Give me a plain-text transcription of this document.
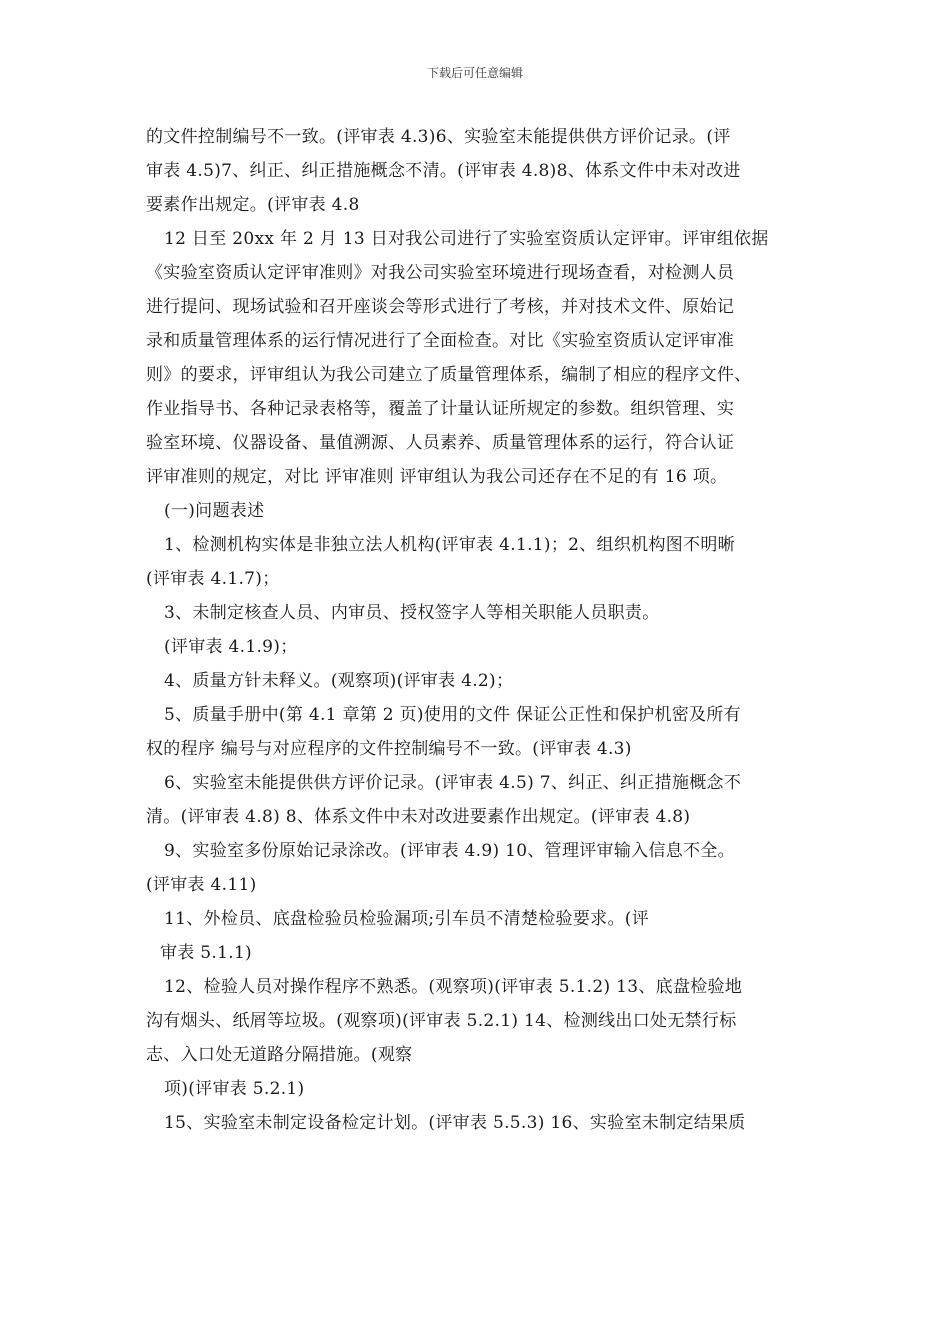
下载后可任意编辑
的文件控制编号不一致。(评审表 4.3)6、实验室未能提供供方评价记录。(评
审表 4.5)7、纠正、纠正措施概念不清。(评审表 4.8)8、体系文件中未对改进
要素作出规定。(评审表 4.8
12 日至 20xx 年 2 月 13 日对我公司进行了实验室资质认定评审。评审组依据
《实验室资质认定评审准则》对我公司实验室环境进行现场查看，对检测人员
进行提问、现场试验和召开座谈会等形式进行了考核，并对技术文件、原始记
录和质量管理体系的运行情况进行了全面检查。对比《实验室资质认定评审准
则》的要求，评审组认为我公司建立了质量管理体系，编制了相应的程序文件、
作业指导书、各种记录表格等，覆盖了计量认证所规定的参数。组织管理、实
验室环境、仪器设备、量值溯源、人员素养、质量管理体系的运行，符合认证
评审准则的规定，对比 评审准则 评审组认为我公司还存在不足的有 16 项。
(一)问题表述
1、检测机构实体是非独立法人机构(评审表 4.1.1)；2、组织机构图不明晰
(评审表 4.1.7)；
3、未制定核查人员、内审员、授权签字人等相关职能人员职责。
(评审表 4.1.9)；
4、质量方针未释义。(观察项)(评审表 4.2)；
5、质量手册中(第 4.1 章第 2 页)使用的文件 保证公正性和保护机密及所有
权的程序 编号与对应程序的文件控制编号不一致。(评审表 4.3)
6、实验室未能提供供方评价记录。(评审表 4.5) 7、纠正、纠正措施概念不
清。(评审表 4.8) 8、体系文件中未对改进要素作出规定。(评审表 4.8)
9、实验室多份原始记录涂改。(评审表 4.9) 10、管理评审输入信息不全。
(评审表 4.11)
11、外检员、底盘检验员检验漏项;引车员不清楚检验要求。(评
审表 5.1.1)
12、检验人员对操作程序不熟悉。(观察项)(评审表 5.1.2) 13、底盘检验地
沟有烟头、纸屑等垃圾。(观察项)(评审表 5.2.1) 14、检测线出口处无禁行标
志、入口处无道路分隔措施。(观察
项)(评审表 5.2.1)
15、实验室未制定设备检定计划。(评审表 5.5.3) 16、实验室未制定结果质
